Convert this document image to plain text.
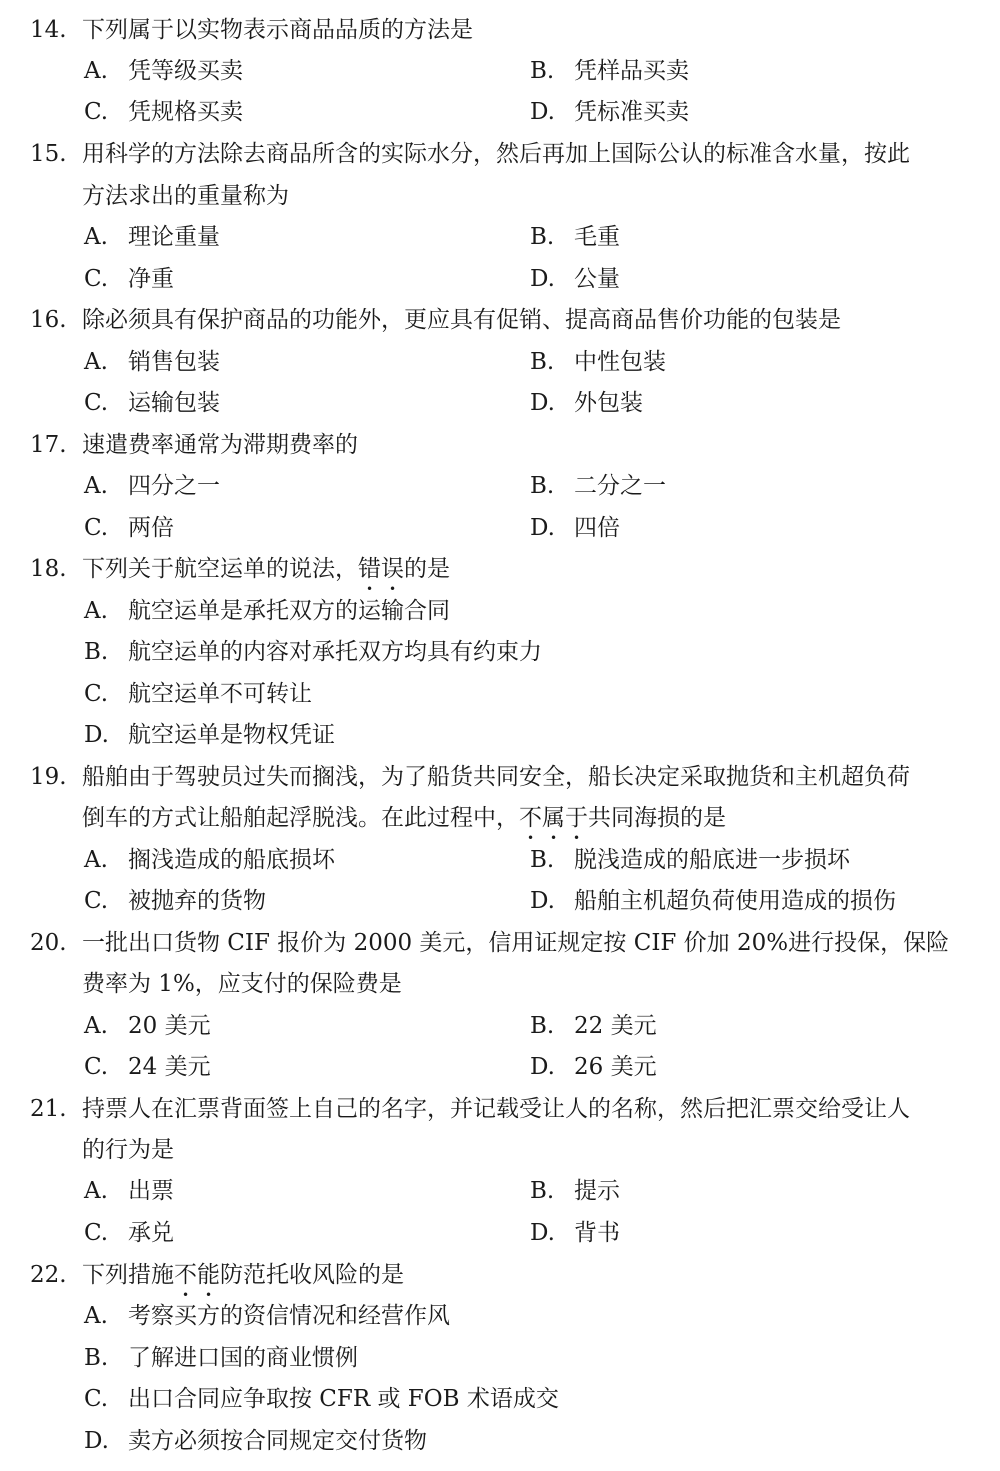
14. 下列属于以实物表示商品品质的方法是
A. 凭等级买卖	B. 凭样品买卖
C. 凭规格买卖	D. 凭标准买卖
15. 用科学的方法除去商品所含的实际水分，然后再加上国际公认的标准含水量，按此
方法求出的重量称为
A. 理论重量	B. 毛重
C. 净重	D. 公量
16. 除必须具有保护商品的功能外，更应具有促销、提高商品售价功能的包装是
A. 销售包装	B. 中性包装
C. 运输包装	D. 外包装
17. 速遣费率通常为滞期费率的
A. 四分之一	B. 二分之一
C. 两倍	D. 四倍
18. 下列关于航空运单的说法，错误的是
A. 航空运单是承托双方的运输合同
B. 航空运单的内容对承托双方均具有约束力
C. 航空运单不可转让
D. 航空运单是物权凭证
19. 船舶由于驾驶员过失而搁浅，为了船货共同安全，船长决定采取抛货和主机超负荷
倒车的方式让船舶起浮脱浅。在此过程中，不属于共同海损的是
A. 搁浅造成的船底损坏	B. 脱浅造成的船底进一步损坏
C. 被抛弃的货物	D. 船舶主机超负荷使用造成的损伤
20. 一批出口货物 CIF 报价为 2000 美元，信用证规定按 CIF 价加 20%进行投保，保险
费率为 1%，应支付的保险费是
A. 20 美元	B. 22 美元
C. 24 美元	D. 26 美元
21. 持票人在汇票背面签上自己的名字，并记载受让人的名称，然后把汇票交给受让人
的行为是
A. 出票	B. 提示
C. 承兑	D. 背书
22. 下列措施不能防范托收风险的是
A. 考察买方的资信情况和经营作风
B. 了解进口国的商业惯例
C. 出口合同应争取按 CFR 或 FOB 术语成交
D. 卖方必须按合同规定交付货物
